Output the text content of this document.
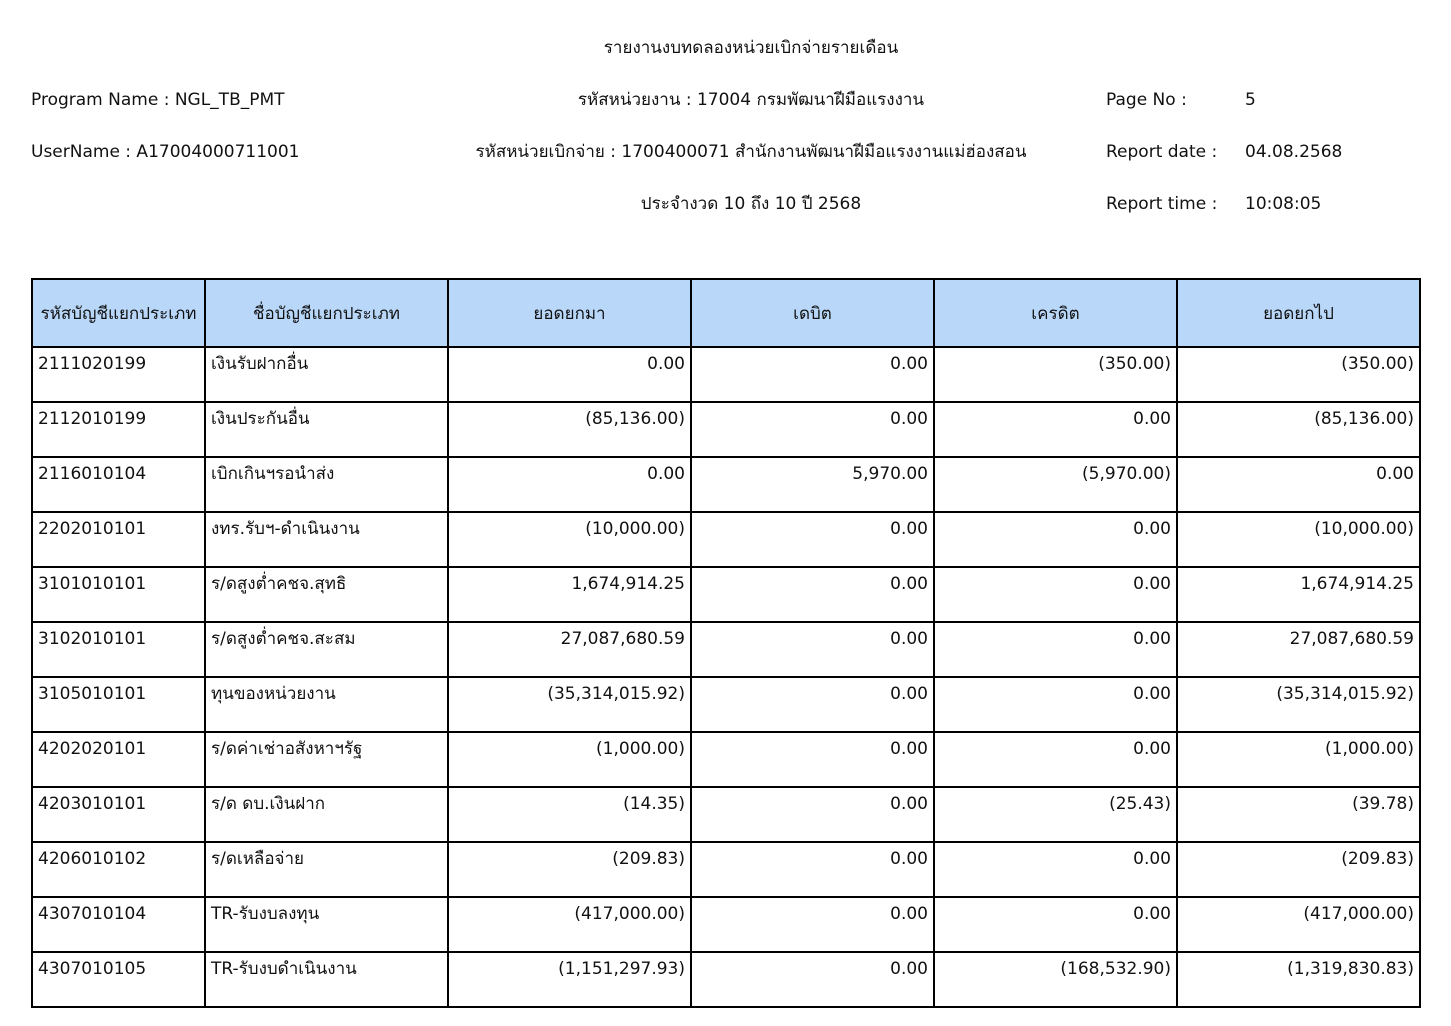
รายงานงบทดลองหน่วยเบิกจ่ายรายเดือน
Program Name : NGL_TB_PMT	รหัสหน่วยงาน : 17004 กรมพัฒนาฝีมือแรงงาน	Page No :	5
UserName : A17004000711001	รหัสหน่วยเบิกจ่าย : 1700400071 สำนักงานพัฒนาฝีมือแรงงานแม่ฮ่องสอน	Report date : 04.08.2568
ประจำงวด 10 ถึง 10 ปี 2568	Report time : 10:08:05
รหัสบัญชีแยกประเภท	ชื่อบัญชีแยกประเภท	ยอดยกมา	เดบิต	เครดิต	ยอดยกไป
2111020199	เงินรับฝากอื่น	0.00	0.00	(350.00)	(350.00)
2112010199	เงินประกันอื่น	(85,136.00)	0.00	0.00	(85,136.00)
2116010104	เบิกเกินฯรอนำส่ง	0.00	5,970.00	(5,970.00)	0.00
2202010101	งทร.รับฯ-ดำเนินงาน	(10,000.00)	0.00	0.00	(10,000.00)
3101010101	ร/ดสูงต่ำคชจ.สุทธิ	1,674,914.25	0.00	0.00	1,674,914.25
3102010101	ร/ดสูงต่ำคชจ.สะสม	27,087,680.59	0.00	0.00	27,087,680.59
3105010101	ทุนของหน่วยงาน	(35,314,015.92)	0.00	0.00	(35,314,015.92)
4202020101	ร/ดค่าเช่าอสังหาฯรัฐ	(1,000.00)	0.00	0.00	(1,000.00)
4203010101	ร/ด ดบ.เงินฝาก	(14.35)	0.00	(25.43)	(39.78)
4206010102	ร/ดเหลือจ่าย	(209.83)	0.00	0.00	(209.83)
4307010104	TR-รับงบลงทุน	(417,000.00)	0.00	0.00	(417,000.00)
4307010105	TR-รับงบดำเนินงาน	(1,151,297.93)	0.00	(168,532.90)	(1,319,830.83)
